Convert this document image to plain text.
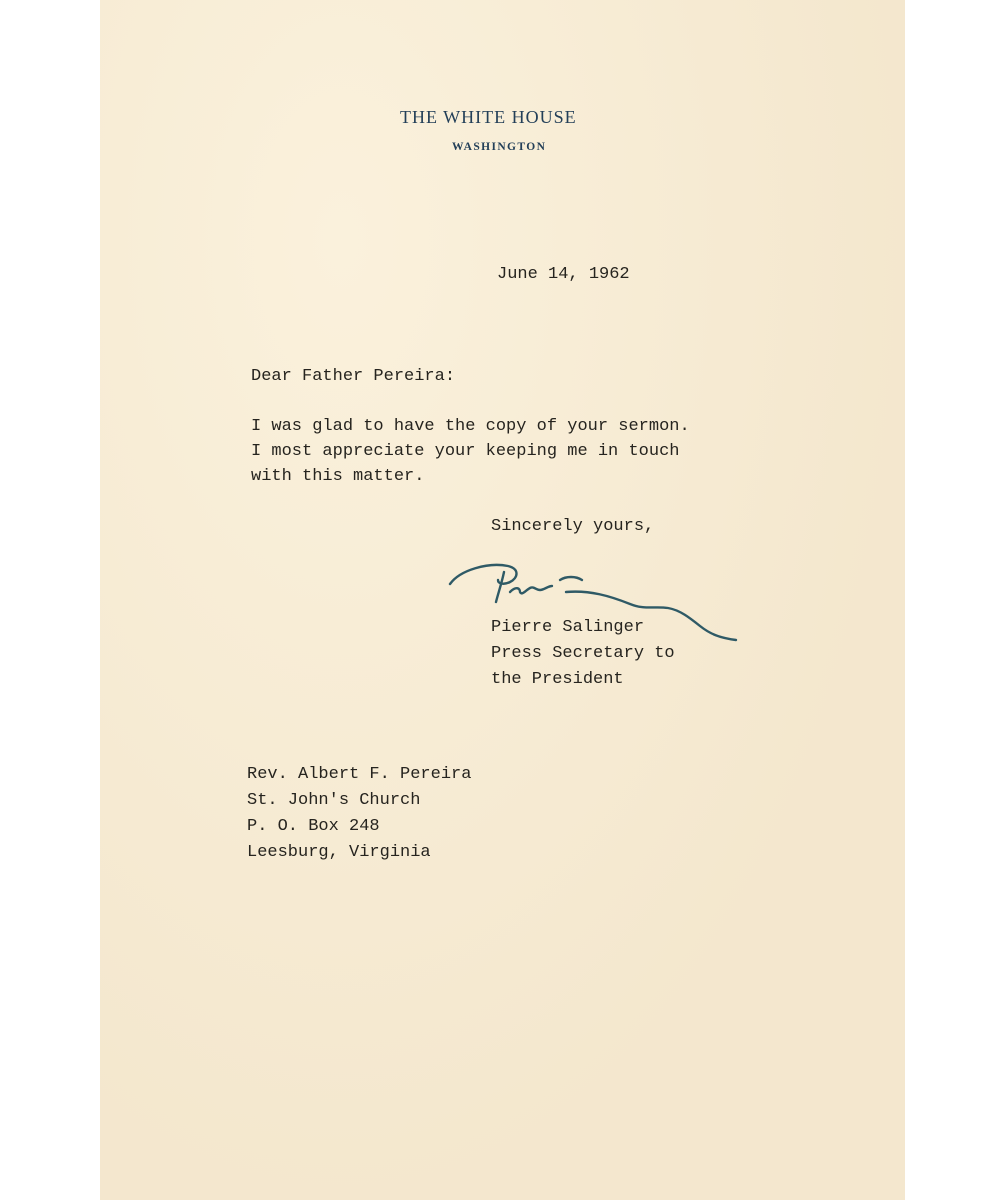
THE WHITE HOUSE
WASHINGTON
June 14, 1962
Dear Father Pereira:
I was glad to have the copy of your sermon.
I most appreciate your keeping me in touch
with this matter.
Sincerely yours,
Pierre Salinger
Press Secretary to
the President
Rev. Albert F. Pereira
St. John's Church
P. O. Box 248
Leesburg, Virginia
